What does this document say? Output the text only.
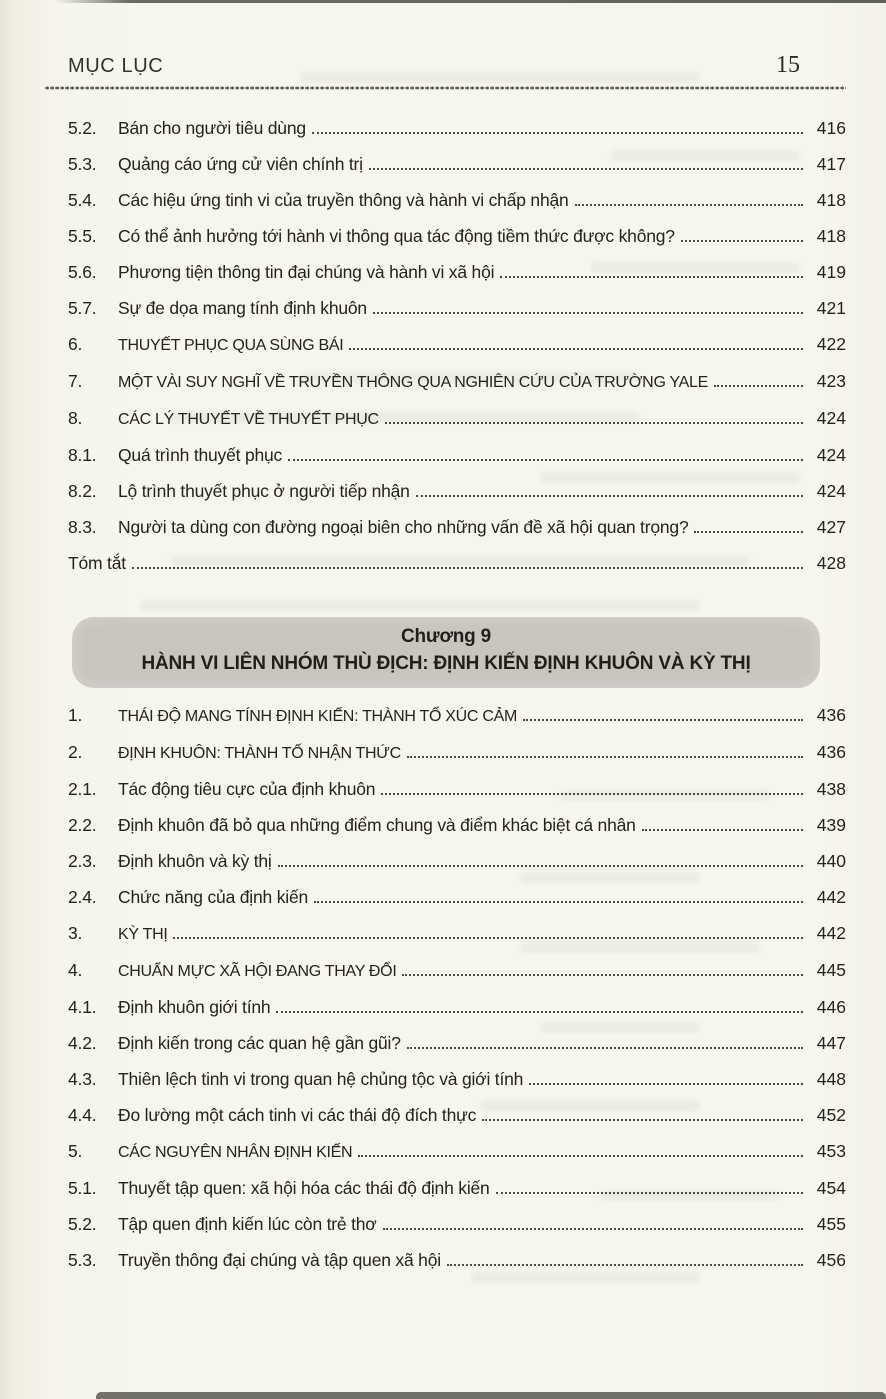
MỤC LỤC	15
5.2.	Bán cho người tiêu dùng	416
5.3.	Quảng cáo ứng cử viên chính trị	417
5.4.	Các hiệu ứng tinh vi của truyền thông và hành vi chấp nhận	418
5.5.	Có thể ảnh hưởng tới hành vi thông qua tác động tiềm thức được không?	418
5.6.	Phương tiện thông tin đại chúng và hành vi xã hội	419
5.7.	Sự đe dọa mang tính định khuôn	421
6.	THUYẾT PHỤC QUA SÙNG BÁI	422
7.	MỘT VÀI SUY NGHĨ VỀ TRUYỀN THÔNG QUA NGHIÊN CỨU CỦA TRƯỜNG YALE	423
8.	CÁC LÝ THUYẾT VỀ THUYẾT PHỤC	424
8.1.	Quá trình thuyết phục	424
8.2.	Lộ trình thuyết phục ở người tiếp nhận	424
8.3.	Người ta dùng con đường ngoại biên cho những vấn đề xã hội quan trọng?	427
Tóm tắt	428
Chương 9
HÀNH VI LIÊN NHÓM THÙ ĐỊCH: ĐỊNH KIẾN ĐỊNH KHUÔN VÀ KỲ THỊ
1.	THÁI ĐỘ MANG TÍNH ĐỊNH KIẾN: THÀNH TỐ XÚC CẢM	436
2.	ĐỊNH KHUÔN: THÀNH TỐ NHẬN THỨC	436
2.1.	Tác động tiêu cực của định khuôn	438
2.2.	Định khuôn đã bỏ qua những điểm chung và điểm khác biệt cá nhân	439
2.3.	Định khuôn và kỳ thị	440
2.4.	Chức năng của định kiến	442
3.	KỲ THỊ	442
4.	CHUẨN MỰC XÃ HỘI ĐANG THAY ĐỔI	445
4.1.	Định khuôn giới tính	446
4.2.	Định kiến trong các quan hệ gần gũi?	447
4.3.	Thiên lệch tinh vi trong quan hệ chủng tộc và giới tính	448
4.4.	Đo lường một cách tinh vi các thái độ đích thực	452
5.	CÁC NGUYÊN NHÂN ĐỊNH KIẾN	453
5.1.	Thuyết tập quen: xã hội hóa các thái độ định kiến	454
5.2.	Tập quen định kiến lúc còn trẻ thơ	455
5.3.	Truyền thông đại chúng và tập quen xã hội	456
